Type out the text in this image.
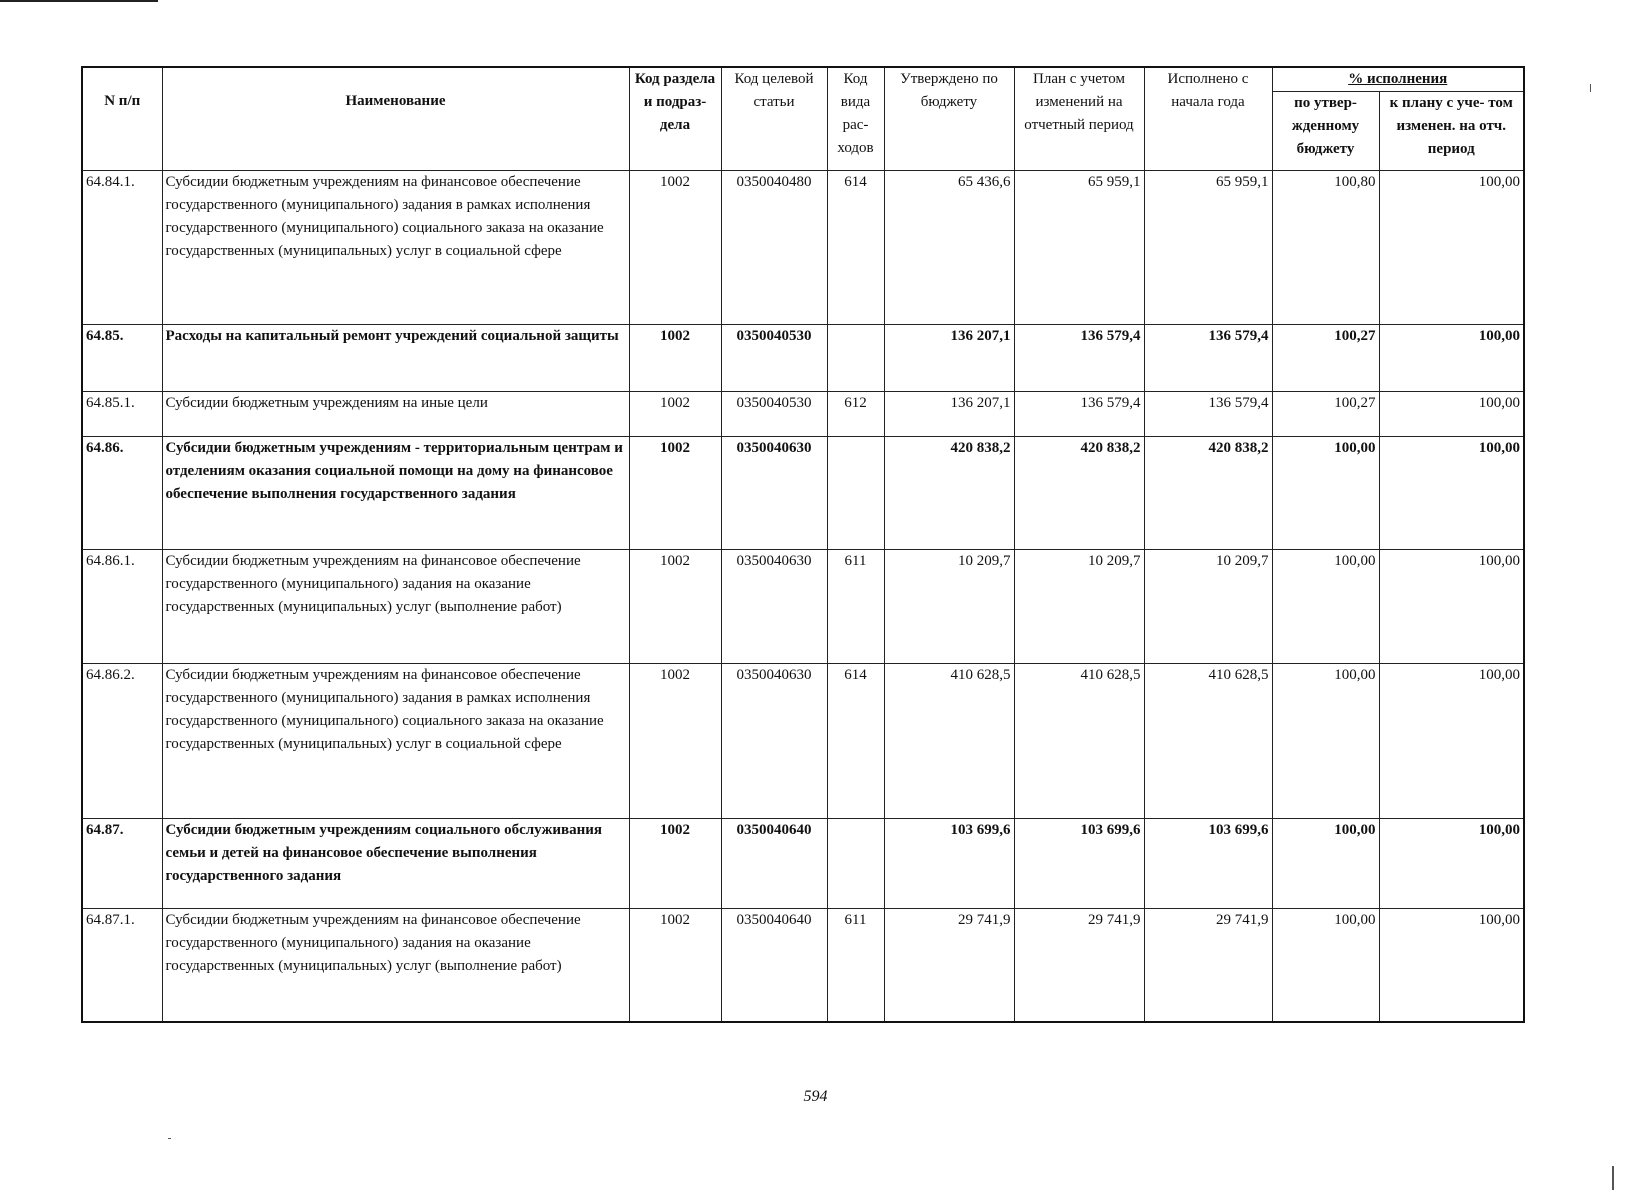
N п/п	Наименование	Код раздела и подраз- дела	Код целевой статьи	Код вида рас- ходов	Утверждено по бюджету	План с учетом изменений на отчетный период	Исполнено с начала года	% исполнения	
								по утвер- жденному бюджету	к плану с уче- том изменен. на отч. период
64.84.1.	Субсидии бюджетным учреждениям на финансовое обеспечение государственного (муниципального) задания в рамках исполнения государственного (муниципального) социального заказа на оказание государственных (муниципальных) услуг в социальной сфере	1002	0350040480	614	65 436,6	65 959,1	65 959,1	100,80	100,00
64.85.	Расходы на капитальный ремонт учреждений социальной защиты	1002	0350040530		136 207,1	136 579,4	136 579,4	100,27	100,00
64.85.1.	Субсидии бюджетным учреждениям на иные цели	1002	0350040530	612	136 207,1	136 579,4	136 579,4	100,27	100,00
64.86.	Субсидии бюджетным учреждениям - территориальным центрам и отделениям оказания социальной помощи на дому на финансовое обеспечение выполнения государственного задания	1002	0350040630		420 838,2	420 838,2	420 838,2	100,00	100,00
64.86.1.	Субсидии бюджетным учреждениям на финансовое обеспечение государственного (муниципального) задания на оказание государственных (муниципальных) услуг (выполнение работ)	1002	0350040630	611	10 209,7	10 209,7	10 209,7	100,00	100,00
64.86.2.	Субсидии бюджетным учреждениям на финансовое обеспечение государственного (муниципального) задания в рамках исполнения государственного (муниципального) социального заказа на оказание государственных (муниципальных) услуг в социальной сфере	1002	0350040630	614	410 628,5	410 628,5	410 628,5	100,00	100,00
64.87.	Субсидии бюджетным учреждениям социального обслуживания семьи и детей на финансовое обеспечение выполнения государственного задания	1002	0350040640		103 699,6	103 699,6	103 699,6	100,00	100,00
64.87.1.	Субсидии бюджетным учреждениям на финансовое обеспечение государственного (муниципального) задания на оказание государственных (муниципальных) услуг (выполнение работ)	1002	0350040640	611	29 741,9	29 741,9	29 741,9	100,00	100,00
594
